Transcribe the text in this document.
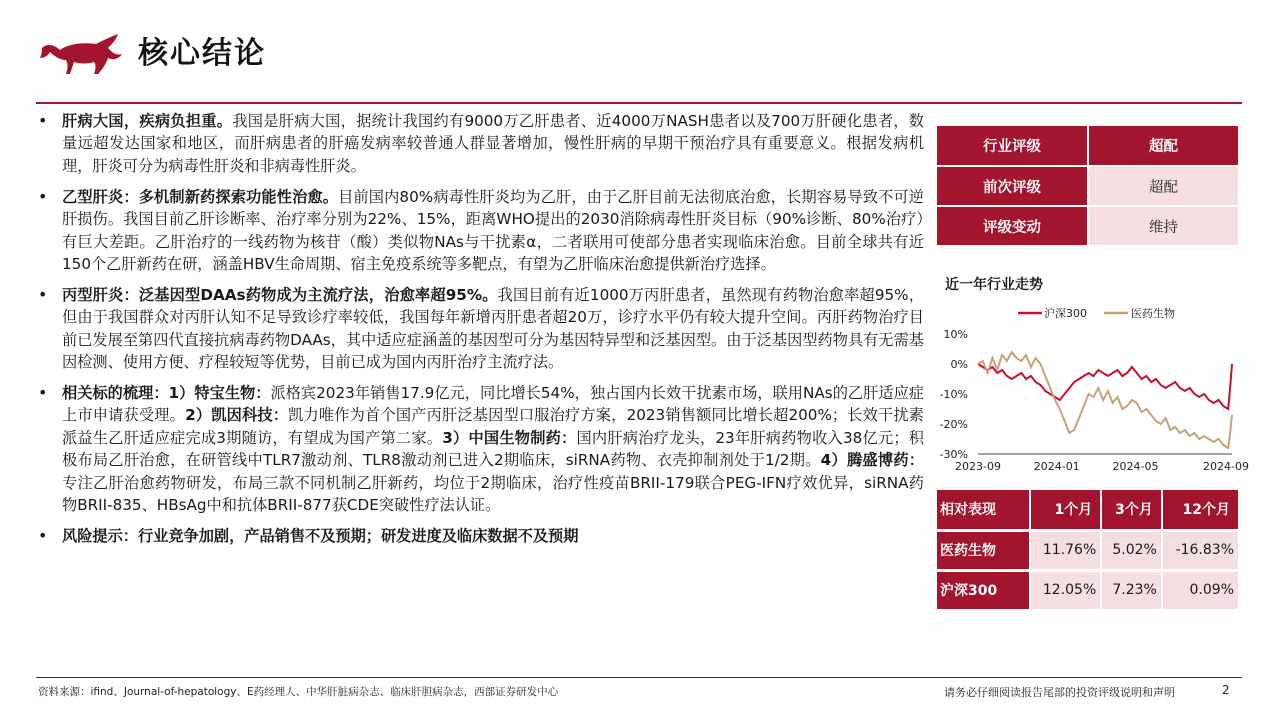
核心结论
• 肝病大国，疾病负担重。我国是肝病大国，据统计我国约有9000万乙肝患者、近4000万NASH患者以及700万肝硬化患者，数量远超发达国家和地区，而肝病患者的肝癌发病率较普通人群显著增加，慢性肝病的早期干预治疗具有重要意义。根据发病机理，肝炎可分为病毒性肝炎和非病毒性肝炎。
• 乙型肝炎：多机制新药探索功能性治愈。目前国内80%病毒性肝炎均为乙肝，由于乙肝目前无法彻底治愈，长期容易导致不可逆肝损伤。我国目前乙肝诊断率、治疗率分别为22%、15%，距离WHO提出的2030消除病毒性肝炎目标（90%诊断、80%治疗）有巨大差距。乙肝治疗的一线药物为核苷（酸）类似物NAs与干扰素α，二者联用可使部分患者实现临床治愈。目前全球共有近150个乙肝新药在研，涵盖HBV生命周期、宿主免疫系统等多靶点，有望为乙肝临床治愈提供新治疗选择。
• 丙型肝炎：泛基因型DAAs药物成为主流疗法，治愈率超95%。我国目前有近1000万丙肝患者，虽然现有药物治愈率超95%，但由于我国群众对丙肝认知不足导致诊疗率较低，我国每年新增丙肝患者超20万，诊疗水平仍有较大提升空间。丙肝药物治疗目前已发展至第四代直接抗病毒药物DAAs，其中适应症涵盖的基因型可分为基因特异型和泛基因型。由于泛基因型药物具有无需基因检测、使用方便、疗程较短等优势，目前已成为国内丙肝治疗主流疗法。
• 相关标的梳理：1）特宝生物：派格宾2023年销售17.9亿元，同比增长54%，独占国内长效干扰素市场，联用NAs的乙肝适应症上市申请获受理。2）凯因科技：凯力唯作为首个国产丙肝泛基因型口服治疗方案，2023销售额同比增长超200%；长效干扰素派益生乙肝适应症完成3期随访，有望成为国产第二家。3）中国生物制药：国内肝病治疗龙头，23年肝病药物收入38亿元；积极布局乙肝治愈，在研管线中TLR7激动剂、TLR8激动剂已进入2期临床，siRNA药物、衣壳抑制剂处于1/2期。4）腾盛博药：专注乙肝治愈药物研发，布局三款不同机制乙肝新药，均位于2期临床，治疗性疫苗BRII-179联合PEG-IFN疗效优异，siRNA药物BRII-835、HBsAg中和抗体BRII-877获CDE突破性疗法认证。
• 风险提示：行业竞争加剧，产品销售不及预期；研发进度及临床数据不及预期
行业评级	超配
前次评级	超配
评级变动	维持
近一年行业走势
沪深300	医药生物
10%
0%
-10%
-20%
-30%
2023-09	2024-01	2024-05	2024-09
相对表现	1个月	3个月	12个月
医药生物	11.76%	5.02%	-16.83%
沪深300	12.05%	7.23%	0.09%
资料来源：ifind、Journal-of-hepatology、E药经理人、中华肝脏病杂志、临床肝胆病杂志，西部证券研发中心	请务必仔细阅读报告尾部的投资评级说明和声明	2
